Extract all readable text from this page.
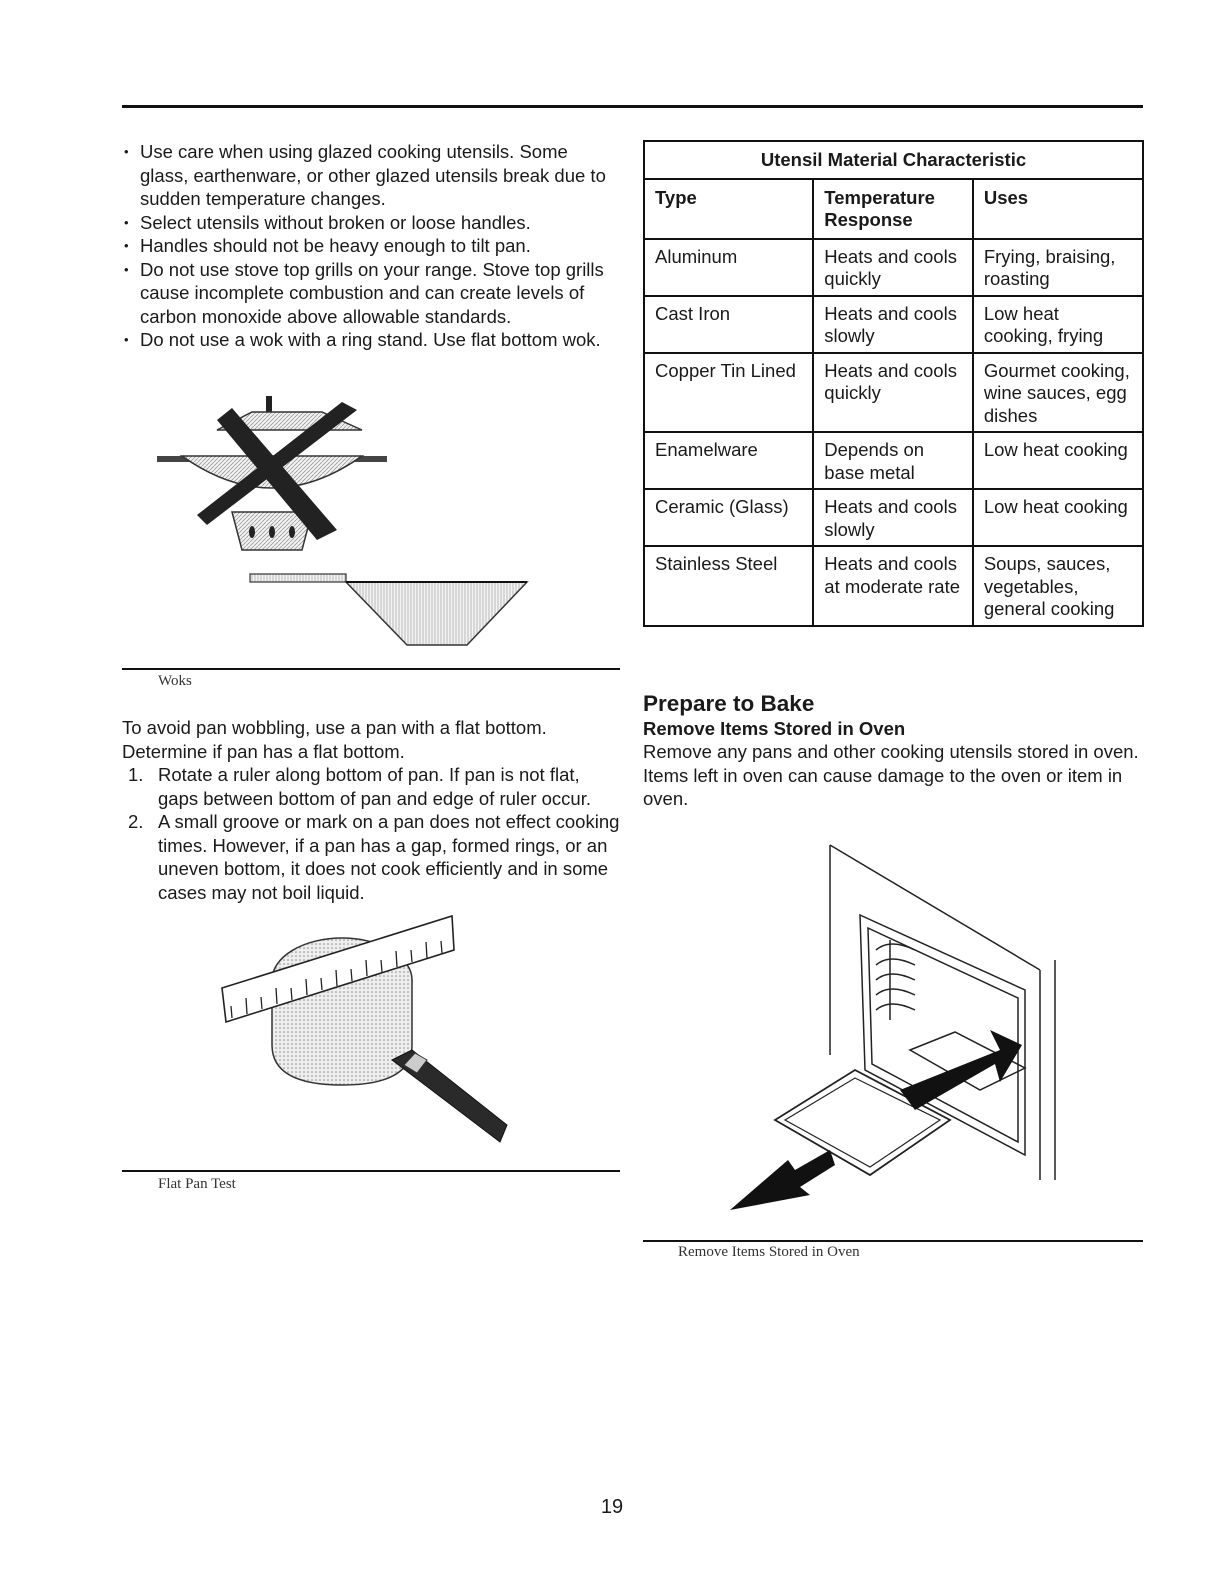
• Use care when using glazed cooking utensils. Some glass, earthenware, or other glazed utensils break due to sudden temperature changes.
• Select utensils without broken or loose handles.
• Handles should not be heavy enough to tilt pan.
• Do not use stove top grills on your range. Stove top grills cause incomplete combustion and can create levels of carbon monoxide above allowable standards.
• Do not use a wok with a ring stand. Use flat bottom wok.
Woks

To avoid pan wobbling, use a pan with a flat bottom. Determine if pan has a flat bottom.

1. Rotate a ruler along bottom of pan. If pan is not flat, gaps between bottom of pan and edge of ruler occur.
2. A small groove or mark on a pan does not effect cooking times. However, if a pan has a gap, formed rings, or an uneven bottom, it does not cook efficiently and in some cases may not boil liquid.
Flat Pan Test
Utensil Material Characteristic		
Type	Temperature Response	Uses
Aluminum	Heats and cools quickly	Frying, braising, roasting
Cast Iron	Heats and cools slowly	Low heat cooking, frying
Copper Tin Lined	Heats and cools quickly	Gourmet cooking, wine sauces, egg dishes
Enamelware	Depends on base metal	Low heat cooking
Ceramic (Glass)	Heats and cools slowly	Low heat cooking
Stainless Steel	Heats and cools at moderate rate	Soups, sauces, vegetables, general cooking
Prepare to Bake
Remove Items Stored in Oven

Remove any pans and other cooking utensils stored in oven. Items left in oven can cause damage to the oven or item in oven.

Remove Items Stored in Oven
19
